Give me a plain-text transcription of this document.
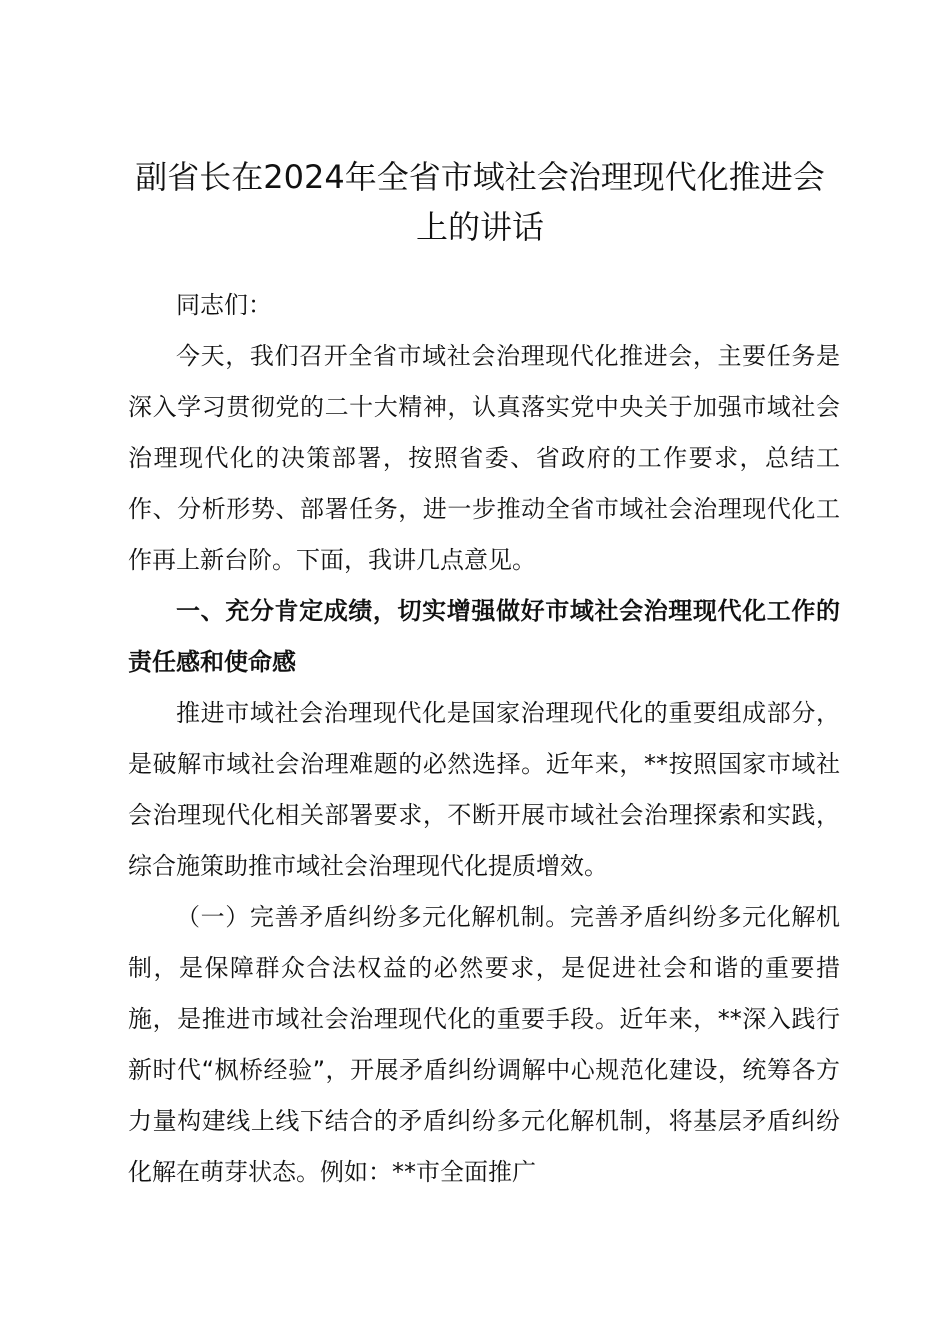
副省长在2024年全省市域社会治理现代化推进会上的讲话

同志们：

今天，我们召开全省市域社会治理现代化推进会，主要任务是深入学习贯彻党的二十大精神，认真落实党中央关于加强市域社会治理现代化的决策部署，按照省委、省政府的工作要求，总结工作、分析形势、部署任务，进一步推动全省市域社会治理现代化工作再上新台阶。下面，我讲几点意见。

一、充分肯定成绩，切实增强做好市域社会治理现代化工作的责任感和使命感

推进市域社会治理现代化是国家治理现代化的重要组成部分，是破解市域社会治理难题的必然选择。近年来，**按照国家市域社会治理现代化相关部署要求，不断开展市域社会治理探索和实践，综合施策助推市域社会治理现代化提质增效。

（一）完善矛盾纠纷多元化解机制。完善矛盾纠纷多元化解机制，是保障群众合法权益的必然要求，是促进社会和谐的重要措施，是推进市域社会治理现代化的重要手段。近年来，**深入践行新时代“枫桥经验”，开展矛盾纠纷调解中心规范化建设，统筹各方力量构建线上线下结合的矛盾纠纷多元化解机制，将基层矛盾纠纷化解在萌芽状态。例如：**市全面推广
